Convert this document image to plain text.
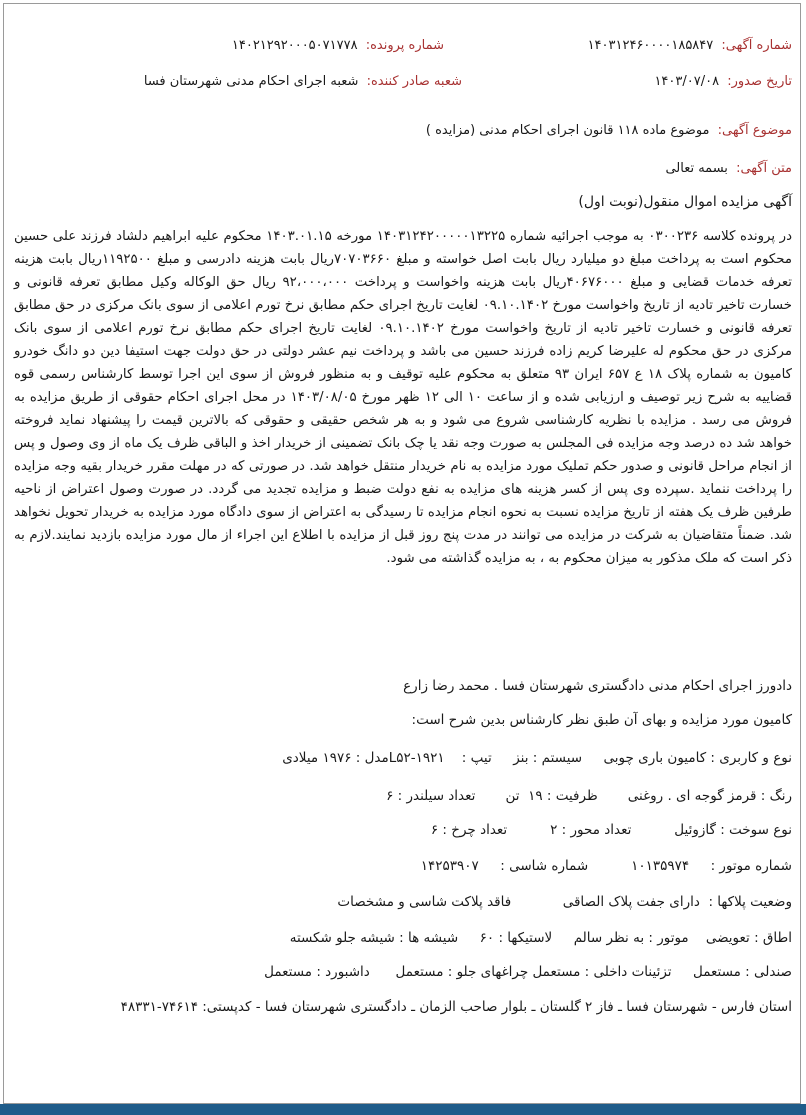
شماره آگهی: ۱۴۰۳۱۲۴۶۰۰۰۰۱۸۵۸۴۷
شماره پرونده: ۱۴۰۲۱۲۹۲۰۰۰۵۰۷۱۷۷۸
تاریخ صدور: ۱۴۰۳/۰۷/۰۸
شعبه صادر کننده: شعبه اجرای احکام مدنی شهرستان فسا
موضوع آگهی: موضوع ماده ۱۱۸ قانون اجرای احکام مدنی (مزایده )
متن آگهی: بسمه تعالی
آگهی مزایده اموال منقول(نوبت اول)

در پرونده کلاسه ۰۳۰۰۲۳۶ به موجب اجرائیه شماره ۱۴۰۳۱۲۴۲۰۰۰۰۰۱۳۲۲۵ مورخه ۱۴۰۳.۰۱.۱۵ محکوم علیه ابراهیم دلشاد فرزند علی حسین محکوم است به پرداخت مبلغ دو میلیارد ریال بابت اصل خواسته و مبلغ ۷۰۷۰۳۶۶۰ریال بابت هزینه دادرسی و مبلغ ۱۱۹۲۵۰۰ریال بابت هزینه تعرفه خدمات قضایی و مبلغ ۴۰۶۷۶۰۰۰ریال بابت هزینه واخواست و پرداخت ۹۲،۰۰۰،۰۰۰ ریال حق الوکاله وکیل مطابق تعرفه قانونی و خسارت تاخیر تادیه از تاریخ واخواست مورخ ۰۹.۱۰.۱۴۰۲ لغایت تاریخ اجرای حکم مطابق نرخ تورم اعلامی از سوی بانک مرکزی در حق مطابق تعرفه قانونی و خسارت تاخیر تادیه از تاریخ واخواست مورخ ۰۹.۱۰.۱۴۰۲ لغایت تاریخ اجرای حکم مطابق نرخ تورم اعلامی از سوی بانک مرکزی در حق محکوم له علیرضا کریم زاده فرزند حسین می باشد و پرداخت نیم عشر دولتی در حق دولت جهت استیفا دین دو دانگ خودرو کامیون به شماره پلاک ۱۸ ع ۶۵۷ ایران ۹۳ متعلق به محکوم علیه توقیف و به منظور فروش از سوی این اجرا توسط کارشناس رسمی قوه قضاییه به شرح زیر توصیف و ارزیابی شده و از ساعت ۱۰ الی ۱۲ ظهر مورخ ۱۴۰۳/۰۸/۰۵ در محل اجرای احکام حقوقی از طریق مزایده به فروش می رسد . مزایده با نظریه کارشناسی شروع می شود و به هر شخص حقیقی و حقوقی که بالاترین قیمت را پیشنهاد نماید فروخته خواهد شد ده درصد وجه مزایده فی المجلس به صورت وجه نقد یا چک بانک تضمینی از خریدار اخذ و الباقی ظرف یک ماه از وی وصول و پس از انجام مراحل قانونی و صدور حکم تملیک مورد مزایده به نام خریدار منتقل خواهد شد. در صورتی که در مهلت مقرر خریدار بقیه وجه مزایده را پرداخت ننماید .سپرده وی پس از کسر هزینه های مزایده به نفع دولت ضبط و مزایده تجدید می گردد. در صورت وصول اعتراض از ناحیه طرفین ظرف یک هفته از تاریخ مزایده نسبت به نحوه انجام مزایده تا رسیدگی به اعتراض از سوی دادگاه مورد مزایده به خریدار تحویل نخواهد شد. ضمناً متقاضیان به شرکت در مزایده می توانند در مدت پنج روز قبل از مزایده با اطلاع این اجراء از مال مورد مزایده بازدید نمایند.لازم به ذکر است که ملک مذکور به میزان محکوم به ، به مزایده گذاشته می شود.

دادورز اجرای احکام مدنی دادگستری شهرستان فسا . محمد رضا زارع
کامیون مورد مزایده و بهای آن طبق نظر کارشناس بدین شرح است:
نوع و کاربری : کامیون باری چوبی     سیستم : بنز     تیپ :    ۱۹۲۱-L۵۲مدل : ۱۹۷۶ میلادی
رنگ : قرمز گوجه ای . روغنی       ظرفیت : ۱۹  تن       تعداد سیلندر : ۶
نوع سوخت : گازوئیل          تعداد محور : ۲          تعداد چرخ : ۶
شماره موتور :     ۱۰۱۳۵۹۷۴          شماره شاسی :     ۱۴۲۵۳۹۰۷
وضعیت پلاکها :  دارای جفت پلاک الصاقی            فاقد پلاکت شاسی و مشخصات
اطاق : تعویضی    موتور : به نظر سالم     لاستیکها : ۶۰     شیشه ها : شیشه جلو شکسته
صندلی : مستعمل     تزئینات داخلی : مستعمل چراغهای جلو : مستعمل      داشبورد : مستعمل
استان فارس - شهرستان فسا ـ فاز ۲ گلستان ـ بلوار صاحب الزمان ـ دادگستری شهرستان فسا - کدپستی: ۷۴۶۱۴-۴۸۳۳۱
